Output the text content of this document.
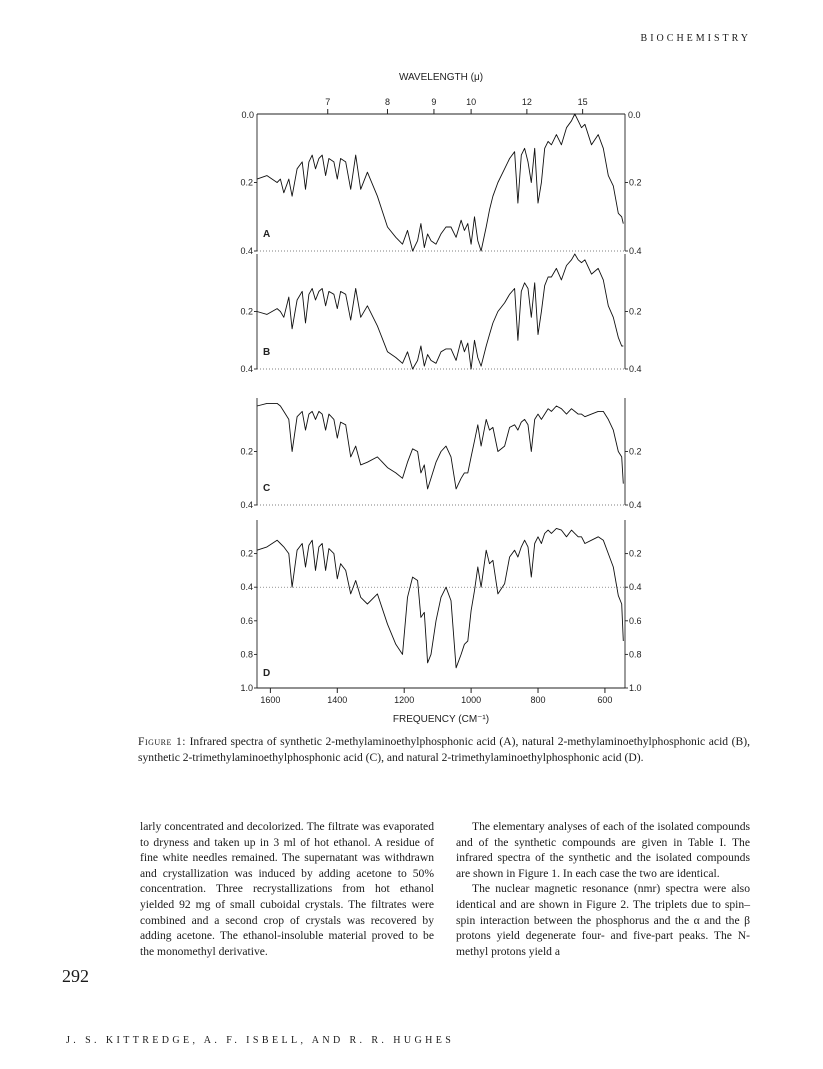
BIOCHEMISTRY
WAVELENGTH (μ)
0.0	0.0
7	8	9	10	12	15
0.2
0.4
0.2
0.4
A
0.2
0.4
0.2
0.4
B
0.2
0.4
0.2
0.4
C
0.2
0.4
0.6
0.8
1.0
0.2
0.4
0.6
0.8
1.0
D
1600	1400	1200	1000	800	600
FREQUENCY (CM⁻¹)
Figure 1: Infrared spectra of synthetic 2-methylaminoethylphosphonic acid (A), natural 2-methylaminoethylphosphonic acid (B), synthetic 2-trimethylaminoethylphosphonic acid (C), and natural 2-trimethylaminoethylphosphonic acid (D).

larly concentrated and decolorized. The filtrate was evaporated to dryness and taken up in 3 ml of hot ethanol. A residue of fine white needles remained. The supernatant was withdrawn and crystallization was induced by adding acetone to 50% concentration. Three recrystallizations from hot ethanol yielded 92 mg of small cuboidal crystals. The filtrates were combined and a second crop of crystals was recovered by adding acetone. The ethanol-insoluble material proved to be the monomethyl derivative.

The elementary analyses of each of the isolated compounds and of the synthetic compounds are given in Table I. The infrared spectra of the synthetic and the isolated compounds are shown in Figure 1. In each case the two are identical.

The nuclear magnetic resonance (nmr) spectra were also identical and are shown in Figure 2. The triplets due to spin–spin interaction between the phosphorus and the α and the β protons yield degenerate four- and five-part peaks. The N-methyl protons yield a

292
J. S. KITTREDGE, A. F. ISBELL, AND R. R. HUGHES
